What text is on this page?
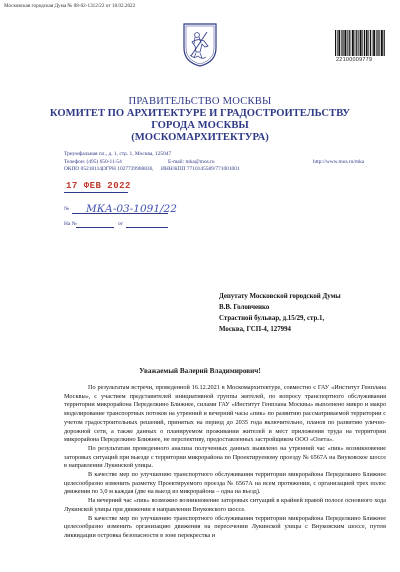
Московская городская Дума № 08-02-1312/22 от 18.02.2022
22100009779
ПРАВИТЕЛЬСТВО МОСКВЫ
КОМИТЕТ ПО АРХИТЕКТУРЕ И ГРАДОСТРОИТЕЛЬСТВУ
ГОРОДА МОСКВЫ
(МОСКОМАРХИТЕКТУРА)
Триумфальная пл., д. 1, стр. 1, Москва, 125047
Телефон: (495) 650-11-54	E-mail: mka@mos.ru	http://www.mos.ru/mka
ОКПО 05218114,
ОГРН 1027739908836, ИНН/КПП 7710145589/771001001
17 ФЕВ 2022
№ МКА-03-1091/22
На №	от
Депутату Московской городской Думы
В.В. Головченко
Страстной бульвар, д.15/29, стр.1,
Москва, ГСП-4, 127994
Уважаемый Валерий Владимирович!

По результатам встречи, проведенной 16.12.2021 в Москомархитектуре, совместно с ГАУ «Институт Генплана Москвы», с участием представителей инициативной группы жителей, по вопросу транспортного обслуживания территории микрорайона Переделкино Ближнее, силами ГАУ «Институт Генплана Москвы» выполнено микро и макро моделирование транспортных потоков на утренний и вечерний часы «пик» по развитию рассматриваемой территории с учетом градостроительных решений, принятых на период до 2035 года включительно, планов по развитию улично-дорожной сети, а также данных о планируемом проживании жителей и мест приложения труда на территории микрорайона Переделкино Ближнее, не перспективу, предоставленных застройщиком ООО «Олета».

По результатам проведенного анализа полученных данных выявлено на утренний час «пик» возникновение заторовых ситуаций при выезде с территории микрорайона по Проектируемому проезду № 6567А на Внуковское шоссе в направлении Лукинской улицы.

В качестве мер по улучшению транспортного обслуживания территории микрорайона Переделкино Ближнее целесообразно изменить разметку Проектируемого проезда № 6567А на всем протяжении, с организацией трех полос движения по 3,0 м каждая (две на выезд из микрорайона – одна на въезд).

На вечерний час «пик» возможно возникновение заторовых ситуаций в крайней правой полосе основного хода Лукинской улицы при движении в направлении Внуковского шоссе.

В качестве мер по улучшению транспортного обслуживания территории микрорайона Переделкино Ближнее целесообразно изменить организацию движения на пересечении Лукинской улицы с Внуковским шоссе, путем ликвидации островка безопасности в зоне перекрестка и
